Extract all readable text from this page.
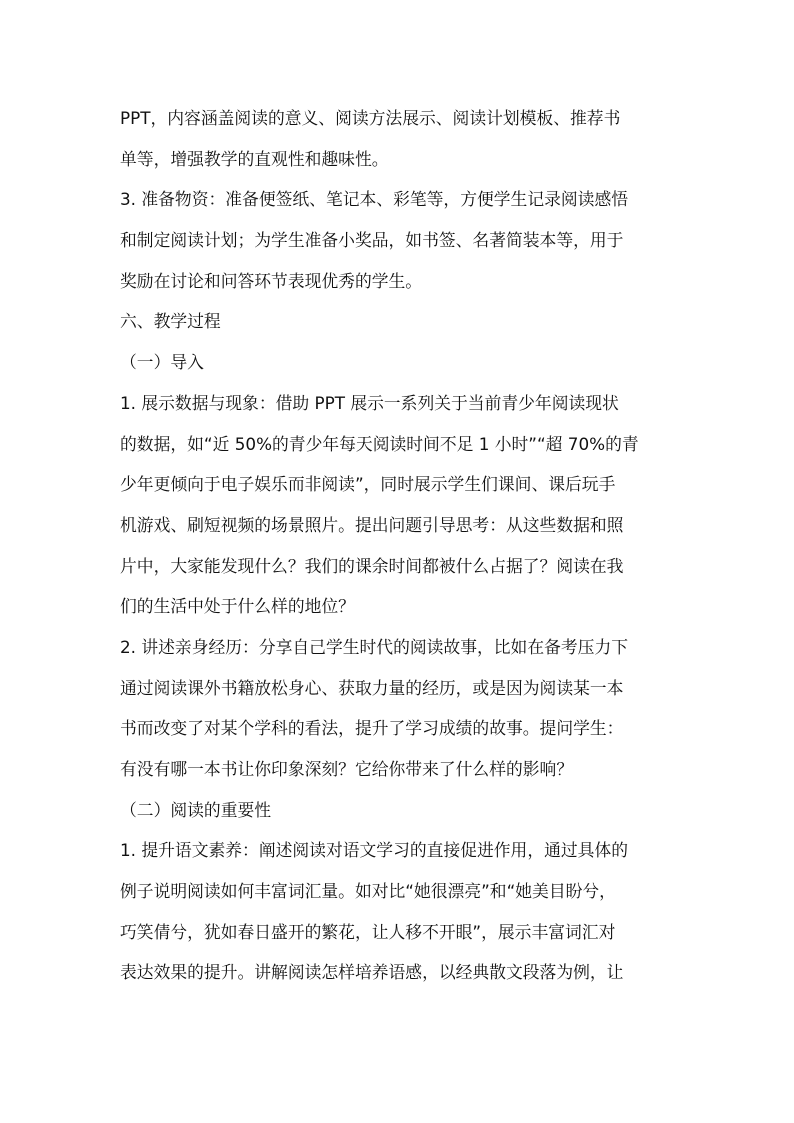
PPT，内容涵盖阅读的意义、阅读方法展示、阅读计划模板、推荐书
单等，增强教学的直观性和趣味性。
3. 准备物资：准备便签纸、笔记本、彩笔等，方便学生记录阅读感悟
和制定阅读计划；为学生准备小奖品，如书签、名著简装本等，用于
奖励在讨论和问答环节表现优秀的学生。
六、教学过程
（一）导入
1. 展示数据与现象：借助 PPT 展示一系列关于当前青少年阅读现状
的数据，如“近 50%的青少年每天阅读时间不足 1 小时”“超 70%的青
少年更倾向于电子娱乐而非阅读”，同时展示学生们课间、课后玩手
机游戏、刷短视频的场景照片。提出问题引导思考：从这些数据和照
片中，大家能发现什么？我们的课余时间都被什么占据了？阅读在我
们的生活中处于什么样的地位？
2. 讲述亲身经历：分享自己学生时代的阅读故事，比如在备考压力下
通过阅读课外书籍放松身心、获取力量的经历，或是因为阅读某一本
书而改变了对某个学科的看法，提升了学习成绩的故事。提问学生：
有没有哪一本书让你印象深刻？它给你带来了什么样的影响？
（二）阅读的重要性
1. 提升语文素养：阐述阅读对语文学习的直接促进作用，通过具体的
例子说明阅读如何丰富词汇量。如对比“她很漂亮”和“她美目盼兮，
巧笑倩兮，犹如春日盛开的繁花，让人移不开眼”，展示丰富词汇对
表达效果的提升。讲解阅读怎样培养语感，以经典散文段落为例，让
